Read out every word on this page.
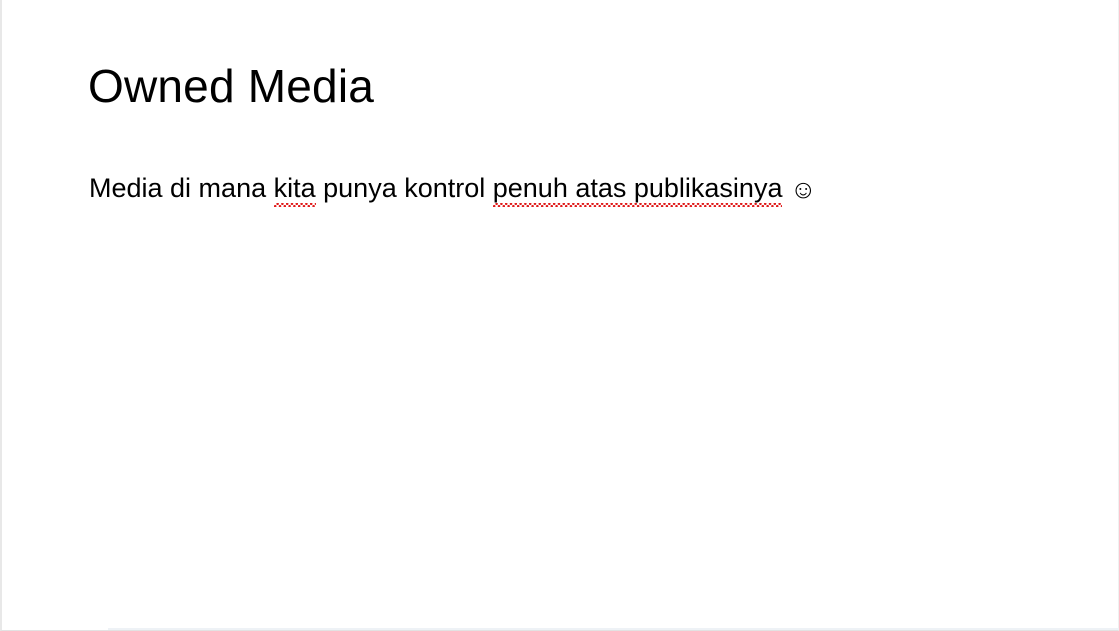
Owned Media
Media di mana kita punya kontrol penuh atas publikasinya ☺
